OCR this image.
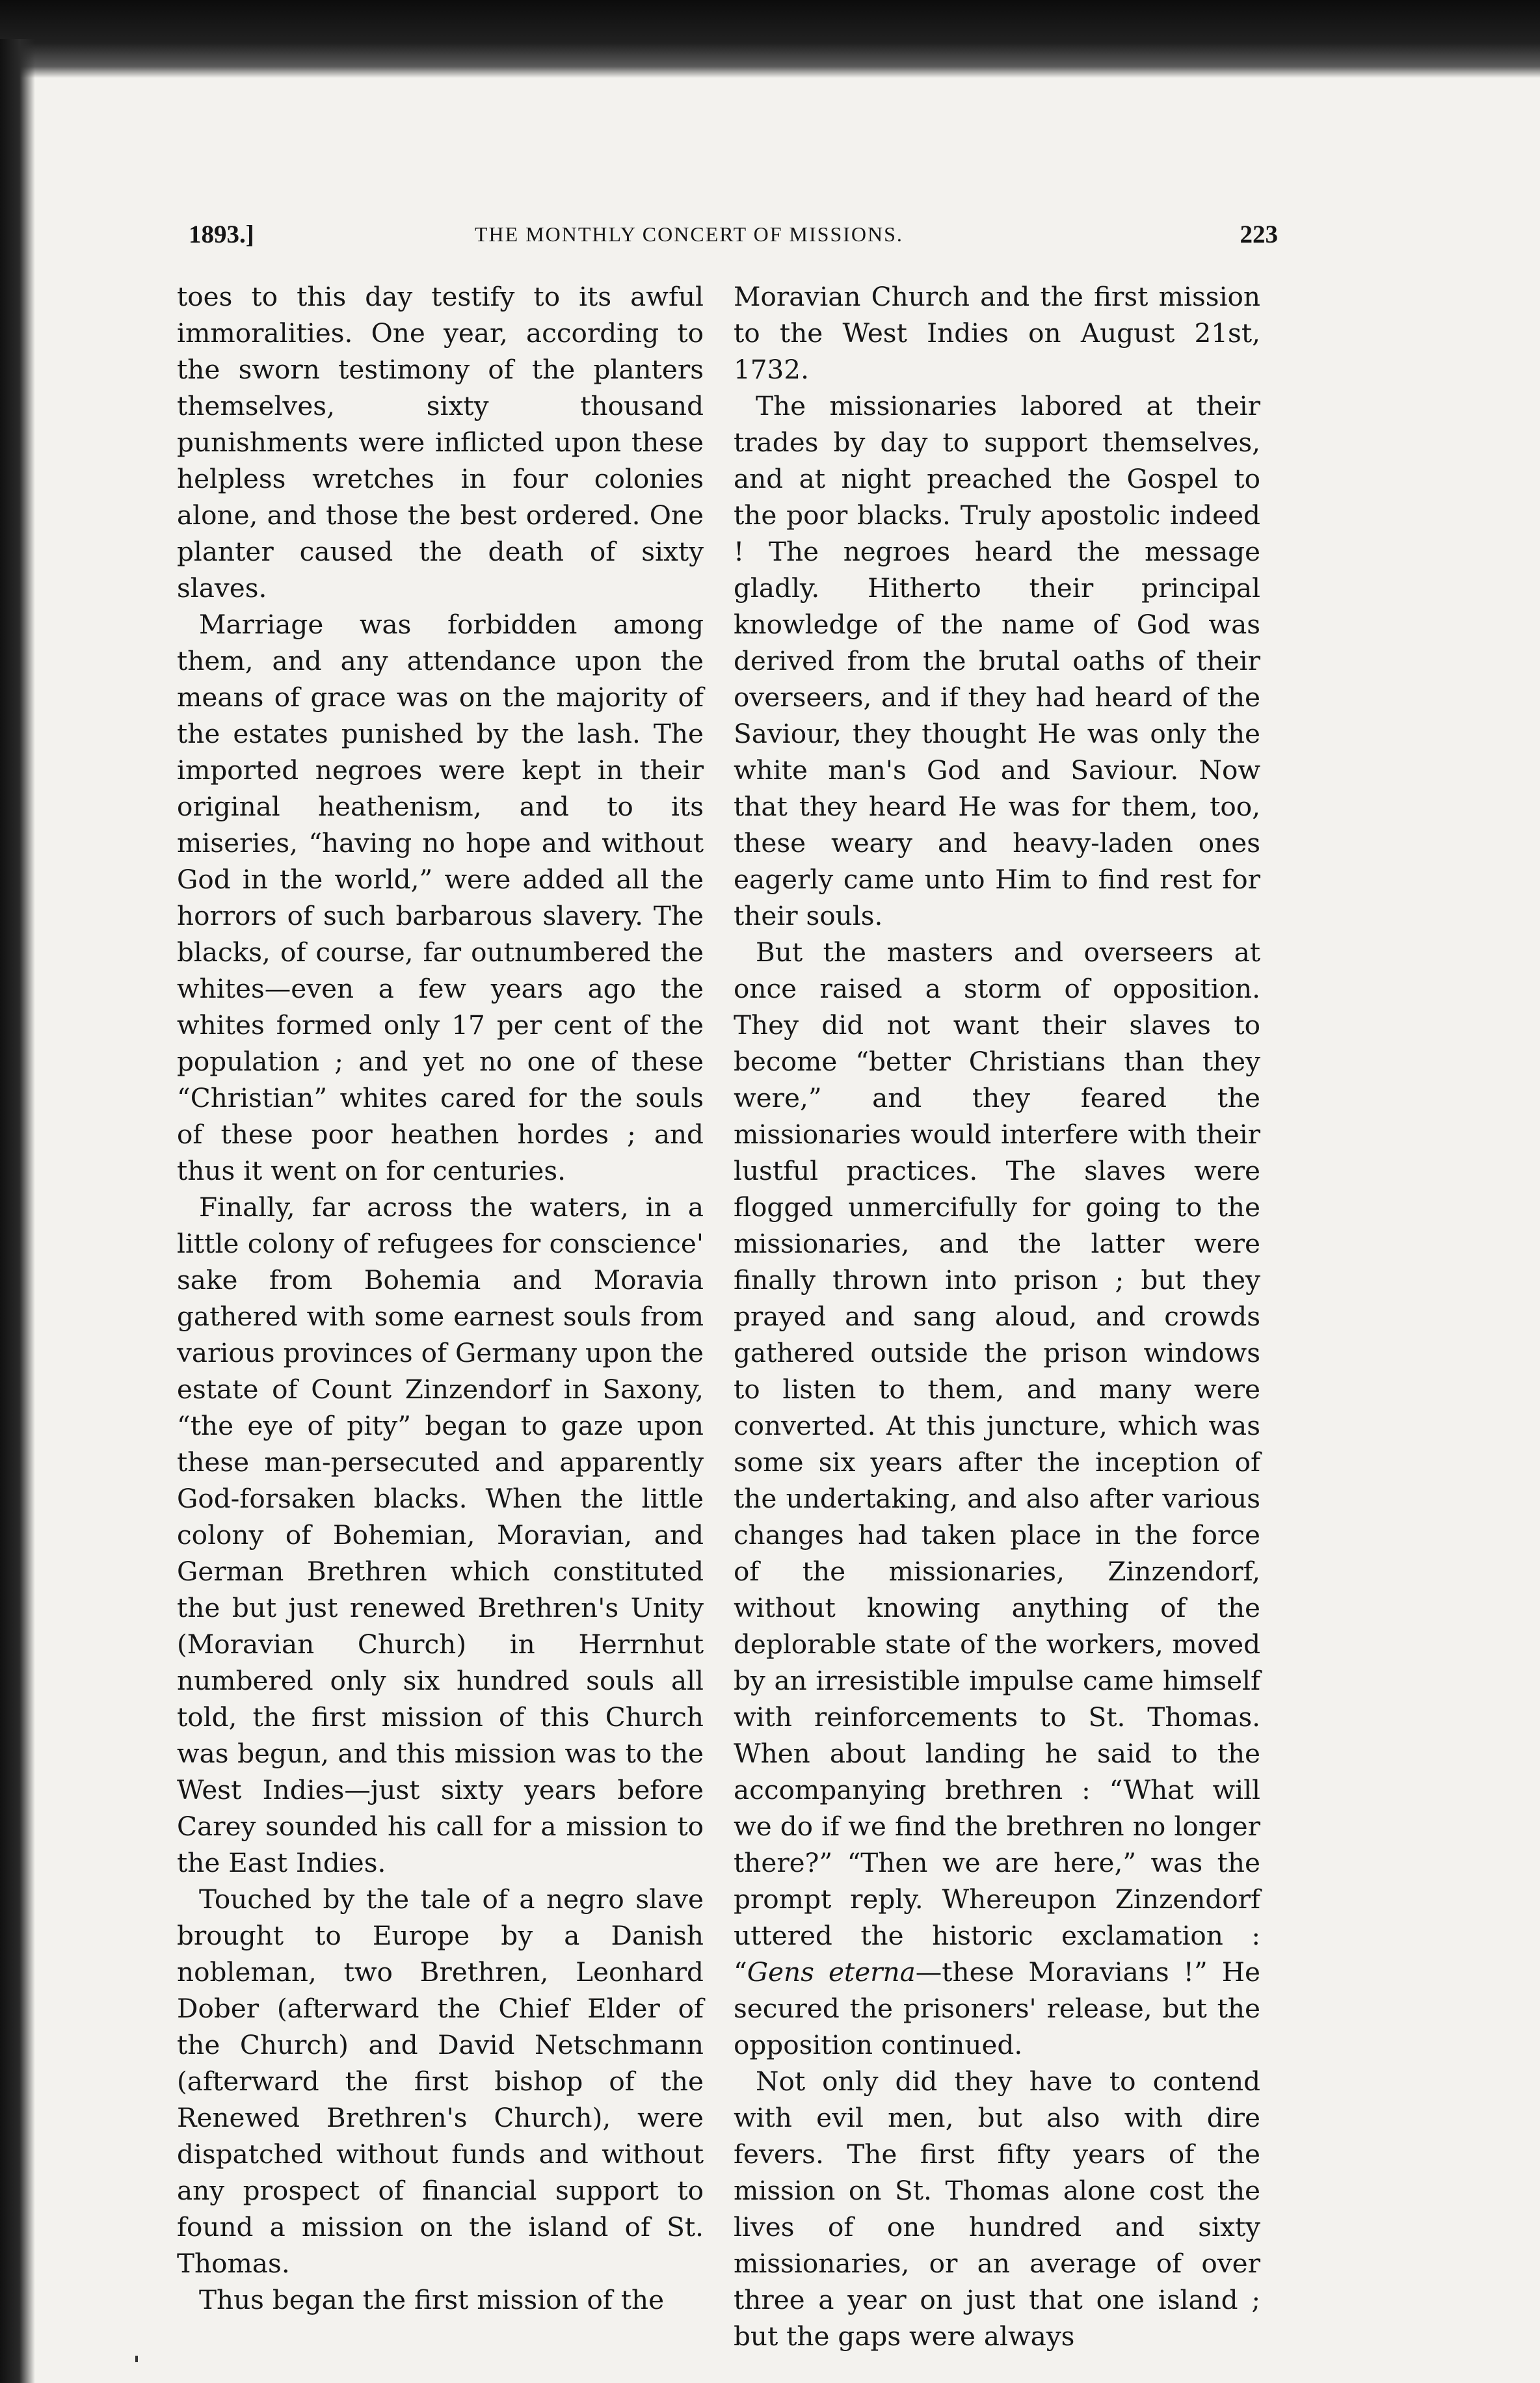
1893.]	THE MONTHLY CONCERT OF MISSIONS.	223

toes to this day testify to its awful immoralities. One year, according to the sworn testimony of the planters themselves, sixty thousand punishments were inflicted upon these helpless wretches in four colonies alone, and those the best ordered. One planter caused the death of sixty slaves.

Marriage was forbidden among them, and any attendance upon the means of grace was on the majority of the estates punished by the lash. The imported negroes were kept in their original heathenism, and to its miseries, “having no hope and without God in the world,” were added all the horrors of such barbarous slavery. The blacks, of course, far outnumbered the whites—even a few years ago the whites formed only 17 per cent of the population ; and yet no one of these “Christian” whites cared for the souls of these poor heathen hordes ; and thus it went on for centuries.

Finally, far across the waters, in a little colony of refugees for conscience' sake from Bohemia and Moravia gathered with some earnest souls from various provinces of Germany upon the estate of Count Zinzendorf in Saxony, “the eye of pity” began to gaze upon these man-persecuted and apparently God-forsaken blacks. When the little colony of Bohemian, Moravian, and German Brethren which constituted the but just renewed Brethren's Unity (Moravian Church) in Herrnhut numbered only six hundred souls all told, the first mission of this Church was begun, and this mission was to the West Indies—just sixty years before Carey sounded his call for a mission to the East Indies.

Touched by the tale of a negro slave brought to Europe by a Danish nobleman, two Brethren, Leonhard Dober (afterward the Chief Elder of the Church) and David Netschmann (afterward the first bishop of the Renewed Brethren's Church), were dispatched without funds and without any prospect of financial support to found a mission on the island of St. Thomas.

Thus began the first mission of the

Moravian Church and the first mission to the West Indies on August 21st, 1732.

The missionaries labored at their trades by day to support themselves, and at night preached the Gospel to the poor blacks. Truly apostolic indeed ! The negroes heard the message gladly. Hitherto their principal knowledge of the name of God was derived from the brutal oaths of their overseers, and if they had heard of the Saviour, they thought He was only the white man's God and Saviour. Now that they heard He was for them, too, these weary and heavy-laden ones eagerly came unto Him to find rest for their souls.

But the masters and overseers at once raised a storm of opposition. They did not want their slaves to become “better Christians than they were,” and they feared the missionaries would interfere with their lustful practices. The slaves were flogged unmercifully for going to the missionaries, and the latter were finally thrown into prison ; but they prayed and sang aloud, and crowds gathered outside the prison windows to listen to them, and many were converted. At this juncture, which was some six years after the inception of the undertaking, and also after various changes had taken place in the force of the missionaries, Zinzendorf, without knowing anything of the deplorable state of the workers, moved by an irresistible impulse came himself with reinforcements to St. Thomas. When about landing he said to the accompanying brethren : “What will we do if we find the brethren no longer there?” “Then we are here,” was the prompt reply. Whereupon Zinzendorf uttered the historic exclamation : “Gens eterna—these Moravians !” He secured the prisoners' release, but the opposition continued.

Not only did they have to contend with evil men, but also with dire fevers. The first fifty years of the mission on St. Thomas alone cost the lives of one hundred and sixty missionaries, or an average of over three a year on just that one island ; but the gaps were always
